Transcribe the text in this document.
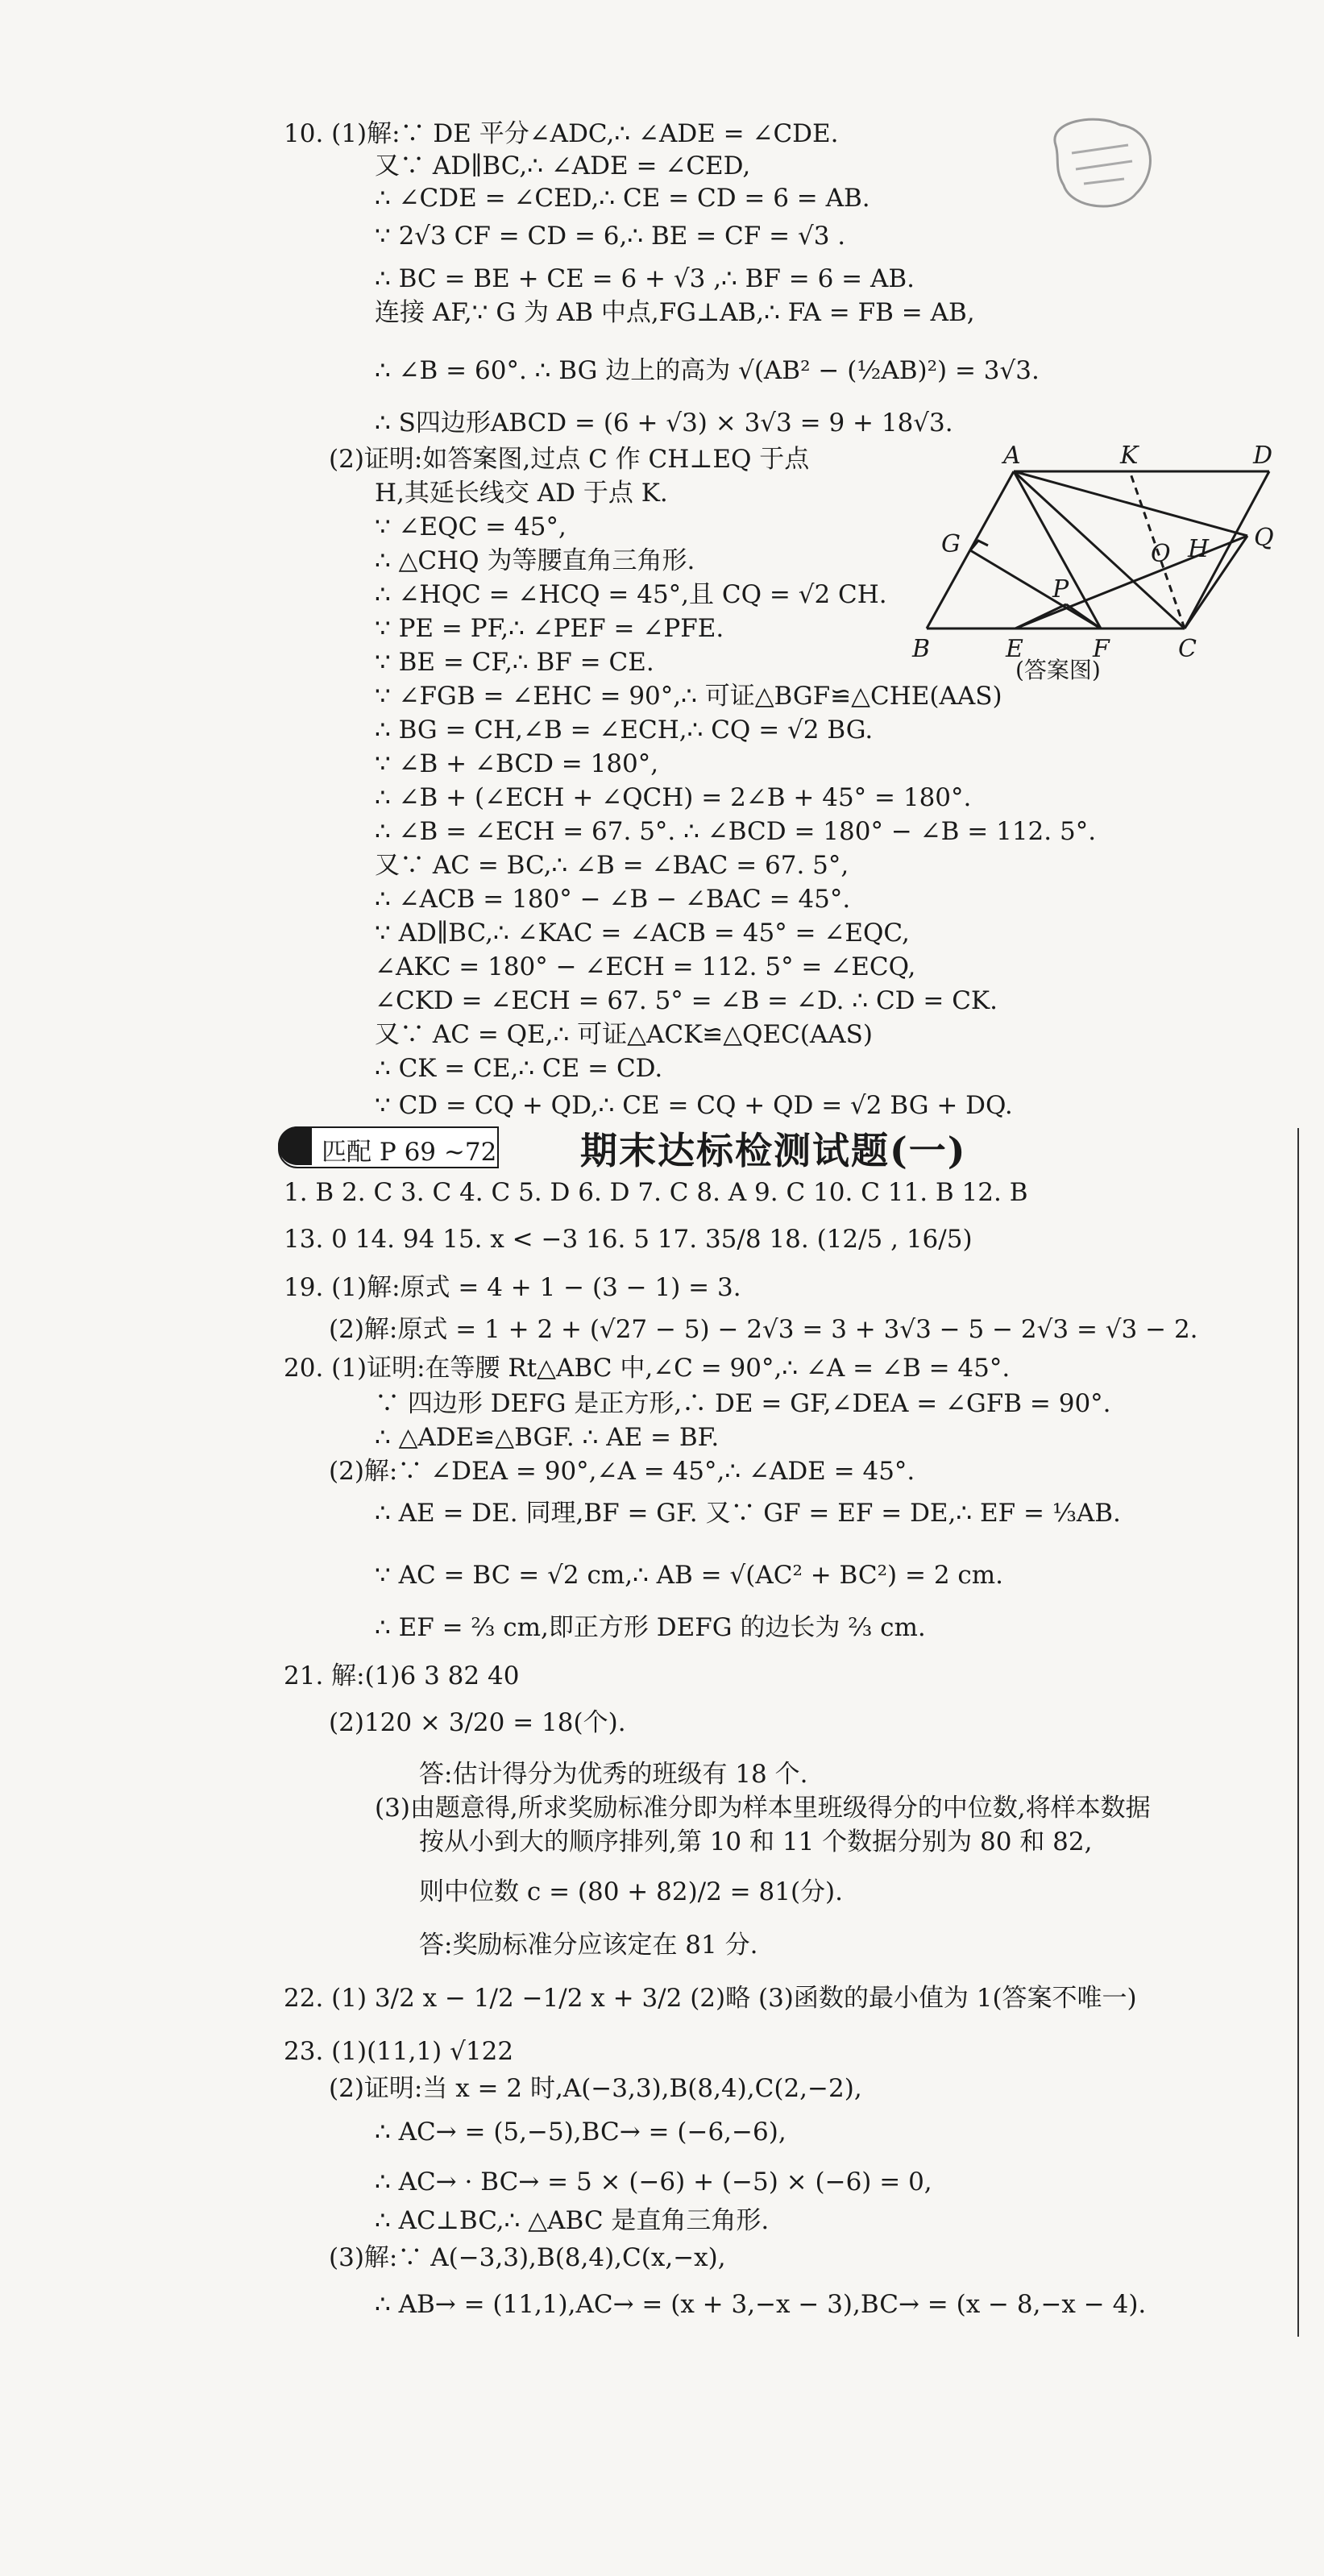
10. (1)解:∵ DE 平分∠ADC,∴ ∠ADE = ∠CDE.
又∵ AD∥BC,∴ ∠ADE = ∠CED,
∴ ∠CDE = ∠CED,∴ CE = CD = 6 = AB.
∵ 2√3 CF = CD = 6,∴ BE = CF = √3 .
∴ BC = BE + CE = 6 + √3 ,∴ BF = 6 = AB.
连接 AF,∵ G 为 AB 中点,FG⊥AB,∴ FA = FB = AB,
∴ ∠B = 60°. ∴ BG 边上的高为 √(AB² − (½AB)²) = 3√3.
∴ S四边形ABCD = (6 + √3) × 3√3 = 9 + 18√3.
(2)证明:如答案图,过点 C 作 CH⊥EQ 于点
H,其延长线交 AD 于点 K.
∵ ∠EQC = 45°,
∴ △CHQ 为等腰直角三角形.
∴ ∠HQC = ∠HCQ = 45°,且 CQ = √2 CH.
∵ PE = PF,∴ ∠PEF = ∠PFE.
∵ BE = CF,∴ BF = CE.
∵ ∠FGB = ∠EHC = 90°,∴ 可证△BGF≌△CHE(AAS)
∴ BG = CH,∠B = ∠ECH,∴ CQ = √2 BG.
∵ ∠B + ∠BCD = 180°,
∴ ∠B + (∠ECH + ∠QCH) = 2∠B + 45° = 180°.
∴ ∠B = ∠ECH = 67. 5°. ∴ ∠BCD = 180° − ∠B = 112. 5°.
又∵ AC = BC,∴ ∠B = ∠BAC = 67. 5°,
∴ ∠ACB = 180° − ∠B − ∠BAC = 45°.
∵ AD∥BC,∴ ∠KAC = ∠ACB = 45° = ∠EQC,
∠AKC = 180° − ∠ECH = 112. 5° = ∠ECQ,
∠CKD = ∠ECH = 67. 5° = ∠B = ∠D. ∴ CD = CK.
又∵ AC = QE,∴ 可证△ACK≌△QEC(AAS)
∴ CK = CE,∴ CE = CD.
∵ CD = CQ + QD,∴ CE = CQ + QD = √2 BG + DQ.
A	K	D
G	O H Q
P
B	E	F	C
(答案图)
匹配 P 69 ~72 期末达标检测试题(一)
1. B 2. C 3. C 4. C 5. D 6. D 7. C 8. A 9. C 10. C 11. B 12. B
13. 0 14. 94 15. x < −3 16. 5 17. 35/8 18. (12/5 , 16/5)
19. (1)解:原式 = 4 + 1 − (3 − 1) = 3.
(2)解:原式 = 1 + 2 + (√27 − 5) − 2√3 = 3 + 3√3 − 5 − 2√3 = √3 − 2.
20. (1)证明:在等腰 Rt△ABC 中,∠C = 90°,∴ ∠A = ∠B = 45°.
∵ 四边形 DEFG 是正方形,∴ DE = GF,∠DEA = ∠GFB = 90°.
∴ △ADE≌△BGF. ∴ AE = BF.
(2)解:∵ ∠DEA = 90°,∠A = 45°,∴ ∠ADE = 45°.
∴ AE = DE. 同理,BF = GF. 又∵ GF = EF = DE,∴ EF = ⅓AB.
∵ AC = BC = √2 cm,∴ AB = √(AC² + BC²) = 2 cm.
∴ EF = ⅔ cm,即正方形 DEFG 的边长为 ⅔ cm.
21. 解:(1)6 3 82 40
(2)120 × 3/20 = 18(个).
答:估计得分为优秀的班级有 18 个.
(3)由题意得,所求奖励标准分即为样本里班级得分的中位数,将样本数据
按从小到大的顺序排列,第 10 和 11 个数据分别为 80 和 82,
则中位数 c = (80 + 82)/2 = 81(分).
答:奖励标准分应该定在 81 分.
22. (1) 3/2 x − 1/2 −1/2 x + 3/2 (2)略 (3)函数的最小值为 1(答案不唯一)
23. (1)(11,1) √122
(2)证明:当 x = 2 时,A(−3,3),B(8,4),C(2,−2),
∴ AC→ = (5,−5),BC→ = (−6,−6),
∴ AC→ · BC→ = 5 × (−6) + (−5) × (−6) = 0,
∴ AC⊥BC,∴ △ABC 是直角三角形.
(3)解:∵ A(−3,3),B(8,4),C(x,−x),
∴ AB→ = (11,1),AC→ = (x + 3,−x − 3),BC→ = (x − 8,−x − 4).
